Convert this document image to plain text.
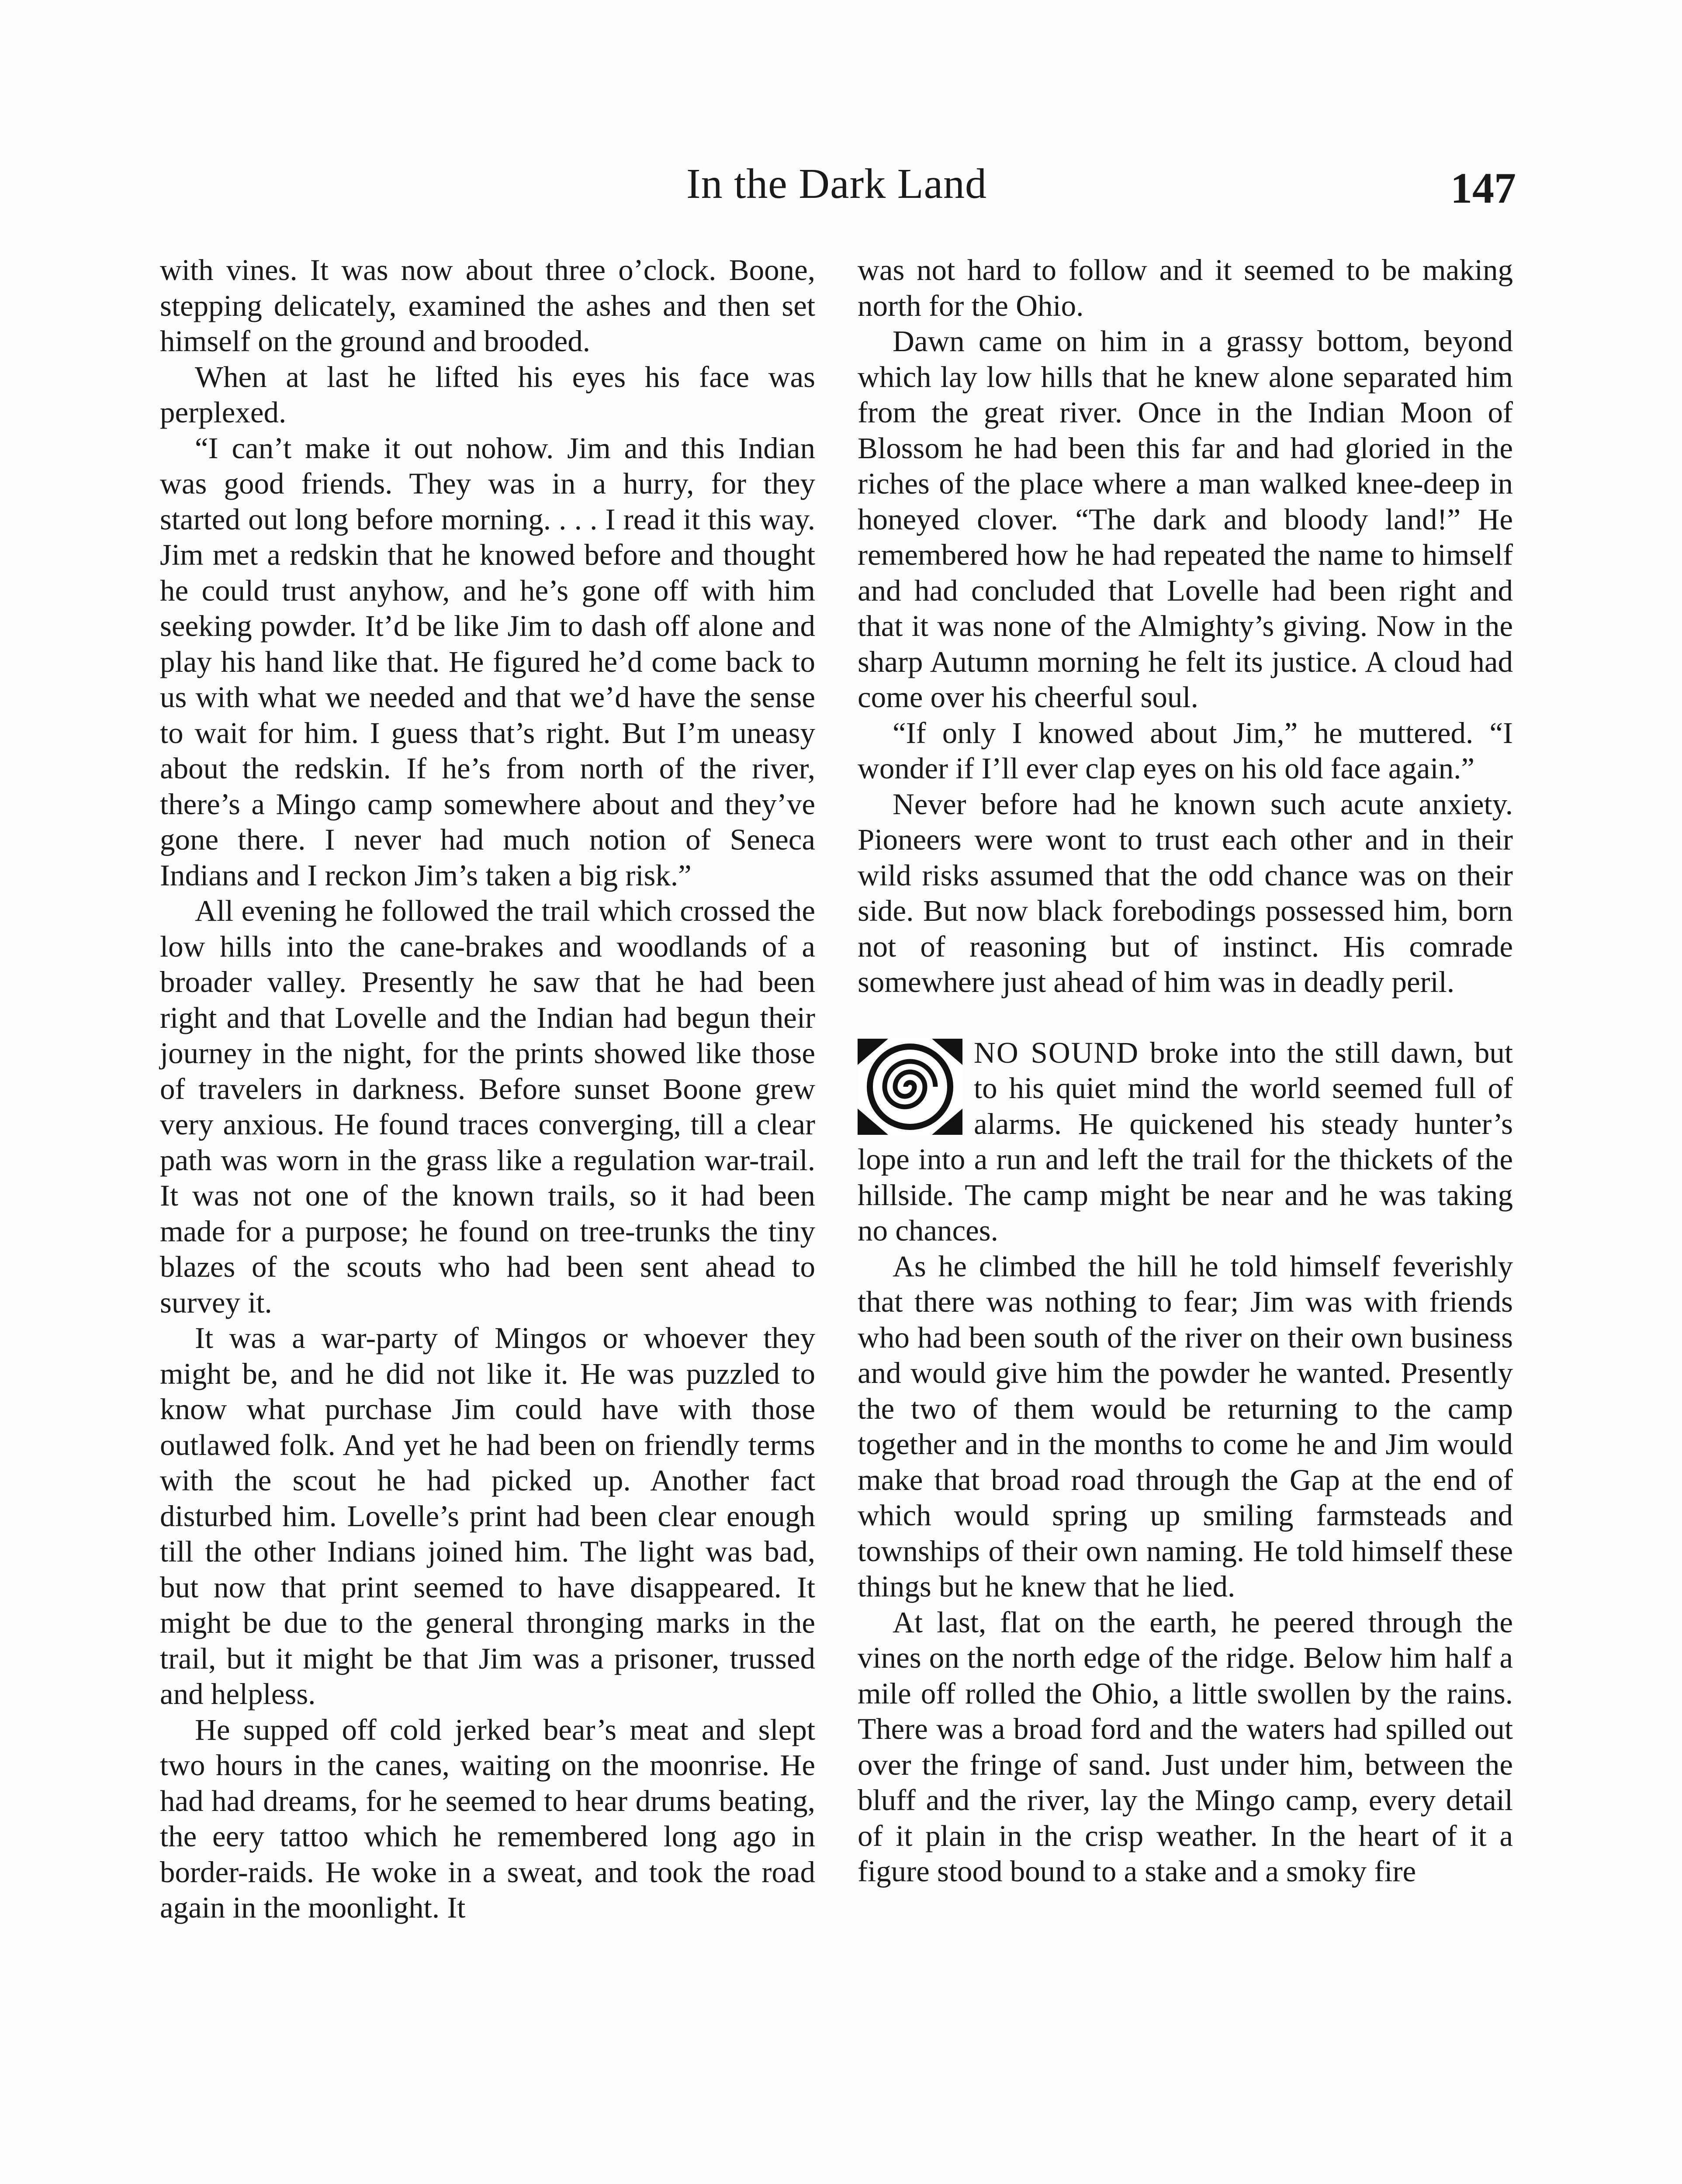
In the Dark Land	147

with vines. It was now about three o’clock. Boone, stepping delicately, examined the ashes and then set himself on the ground and brooded.

When at last he lifted his eyes his face was perplexed.

“I can’t make it out nohow. Jim and this Indian was good friends. They was in a hurry, for they started out long before morning. . . . I read it this way. Jim met a redskin that he knowed before and thought he could trust anyhow, and he’s gone off with him seeking powder. It’d be like Jim to dash off alone and play his hand like that. He figured he’d come back to us with what we needed and that we’d have the sense to wait for him. I guess that’s right. But I’m uneasy about the redskin. If he’s from north of the river, there’s a Mingo camp somewhere about and they’ve gone there. I never had much notion of Seneca Indians and I reckon Jim’s taken a big risk.”

All evening he followed the trail which crossed the low hills into the cane-brakes and woodlands of a broader valley. Presently he saw that he had been right and that Lovelle and the Indian had begun their journey in the night, for the prints showed like those of travelers in darkness. Before sunset Boone grew very anxious. He found traces converging, till a clear path was worn in the grass like a regulation war-trail. It was not one of the known trails, so it had been made for a purpose; he found on tree-trunks the tiny blazes of the scouts who had been sent ahead to survey it.

It was a war-party of Mingos or whoever they might be, and he did not like it. He was puzzled to know what purchase Jim could have with those outlawed folk. And yet he had been on friendly terms with the scout he had picked up. Another fact disturbed him. Lovelle’s print had been clear enough till the other Indians joined him. The light was bad, but now that print seemed to have disappeared. It might be due to the general thronging marks in the trail, but it might be that Jim was a prisoner, trussed and helpless.

He supped off cold jerked bear’s meat and slept two hours in the canes, waiting on the moonrise. He had had dreams, for he seemed to hear drums beating, the eery tattoo which he remembered long ago in border-raids. He woke in a sweat, and took the road again in the moonlight. It

was not hard to follow and it seemed to be making north for the Ohio.

Dawn came on him in a grassy bottom, beyond which lay low hills that he knew alone separated him from the great river. Once in the Indian Moon of Blossom he had been this far and had gloried in the riches of the place where a man walked knee-deep in honeyed clover. “The dark and bloody land!” He remembered how he had repeated the name to himself and had concluded that Lovelle had been right and that it was none of the Almighty’s giving. Now in the sharp Autumn morning he felt its justice. A cloud had come over his cheerful soul.

“If only I knowed about Jim,” he muttered. “I wonder if I’ll ever clap eyes on his old face again.”

Never before had he known such acute anxiety. Pioneers were wont to trust each other and in their wild risks assumed that the odd chance was on their side. But now black forebodings possessed him, born not of reasoning but of instinct. His comrade somewhere just ahead of him was in deadly peril.

NO SOUND broke into the still dawn, but to his quiet mind the world seemed full of alarms. He quickened his steady hunter’s lope into a run and left the trail for the thickets of the hillside. The camp might be near and he was taking no chances.

As he climbed the hill he told himself feverishly that there was nothing to fear; Jim was with friends who had been south of the river on their own business and would give him the powder he wanted. Presently the two of them would be returning to the camp together and in the months to come he and Jim would make that broad road through the Gap at the end of which would spring up smiling farmsteads and townships of their own naming. He told himself these things but he knew that he lied.

At last, flat on the earth, he peered through the vines on the north edge of the ridge. Below him half a mile off rolled the Ohio, a little swollen by the rains. There was a broad ford and the waters had spilled out over the fringe of sand. Just under him, between the bluff and the river, lay the Mingo camp, every detail of it plain in the crisp weather. In the heart of it a figure stood bound to a stake and a smoky fire
